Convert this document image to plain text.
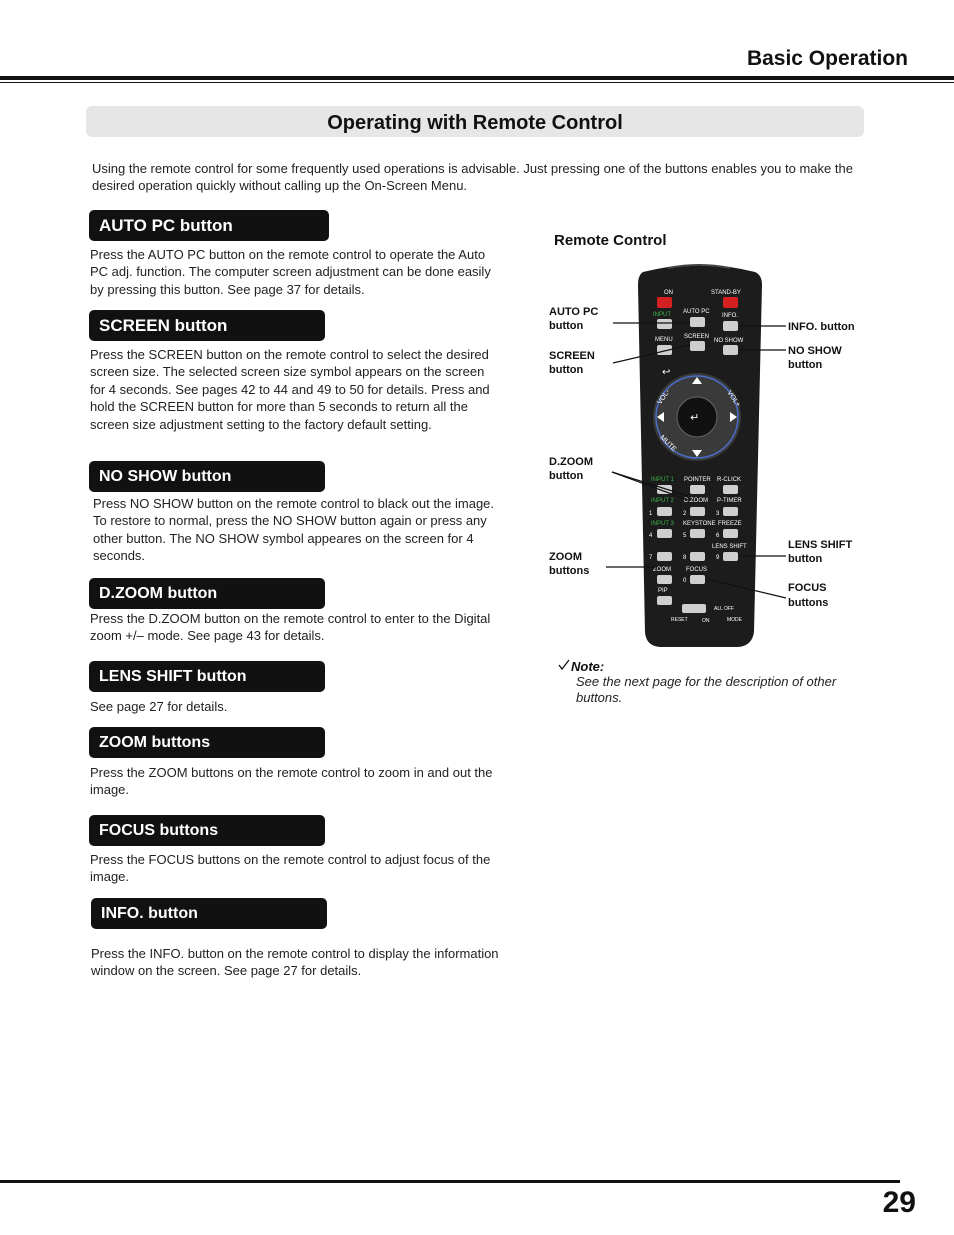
Basic Operation
Operating with Remote Control
Using the remote control for some frequently used operations is advisable. Just pressing one of the buttons enables you to make the desired operation quickly without calling up the On-Screen Menu.
AUTO PC button
Press the AUTO PC button on the remote control to operate the Auto PC adj. function. The computer screen adjustment can be done easily by pressing this button. See page 37 for details.
SCREEN button
Press the SCREEN button on the remote control to select the desired screen size. The selected screen size symbol appears on the screen for 4 seconds. See pages 42 to 44 and 49 to 50 for details. Press and hold the SCREEN button for more than 5 seconds to return all the screen size adjustment setting to the factory default setting.
NO SHOW button
Press NO SHOW button on the remote control to black out the image. To restore to normal, press the NO SHOW button again or press any other button. The NO SHOW symbol appeares on the screen for 4 seconds.
D.ZOOM button
Press the D.ZOOM button on the remote control to enter to the Digital zoom +/– mode. See page 43 for details.
LENS SHIFT button
See page 27 for details.
ZOOM buttons
Press the ZOOM buttons on the remote control to zoom in and out the image.
FOCUS buttons
Press the FOCUS buttons on the remote control to adjust focus of the image.
INFO. button
Press the INFO. button on the remote control to display the information window on the screen. See page 27 for details.
Remote Control
ON	STAND-BY
INPUT AUTO PC
INFO.
MENU SCREEN
NO SHOW
↵
VOL-	VOL+
MUTE
↩
INPUT 1 POINTER R-CLICK
INPUT 2 D.ZOOM P-TIMER
1	2	3
INPUT 3 KEYSTONE FREEZE
4	5	6
LENS SHIFT
7	8	9
ZOOM	FOCUS
0
PIP
RESET	ON
ALL OFF
MODE
AUTO PC
button
SCREEN
button
D.ZOOM
button
ZOOM
buttons
INFO. button
NO SHOW
button
LENS SHIFT
button
FOCUS
buttons
Note:
See the next page for the description of other buttons.
29
